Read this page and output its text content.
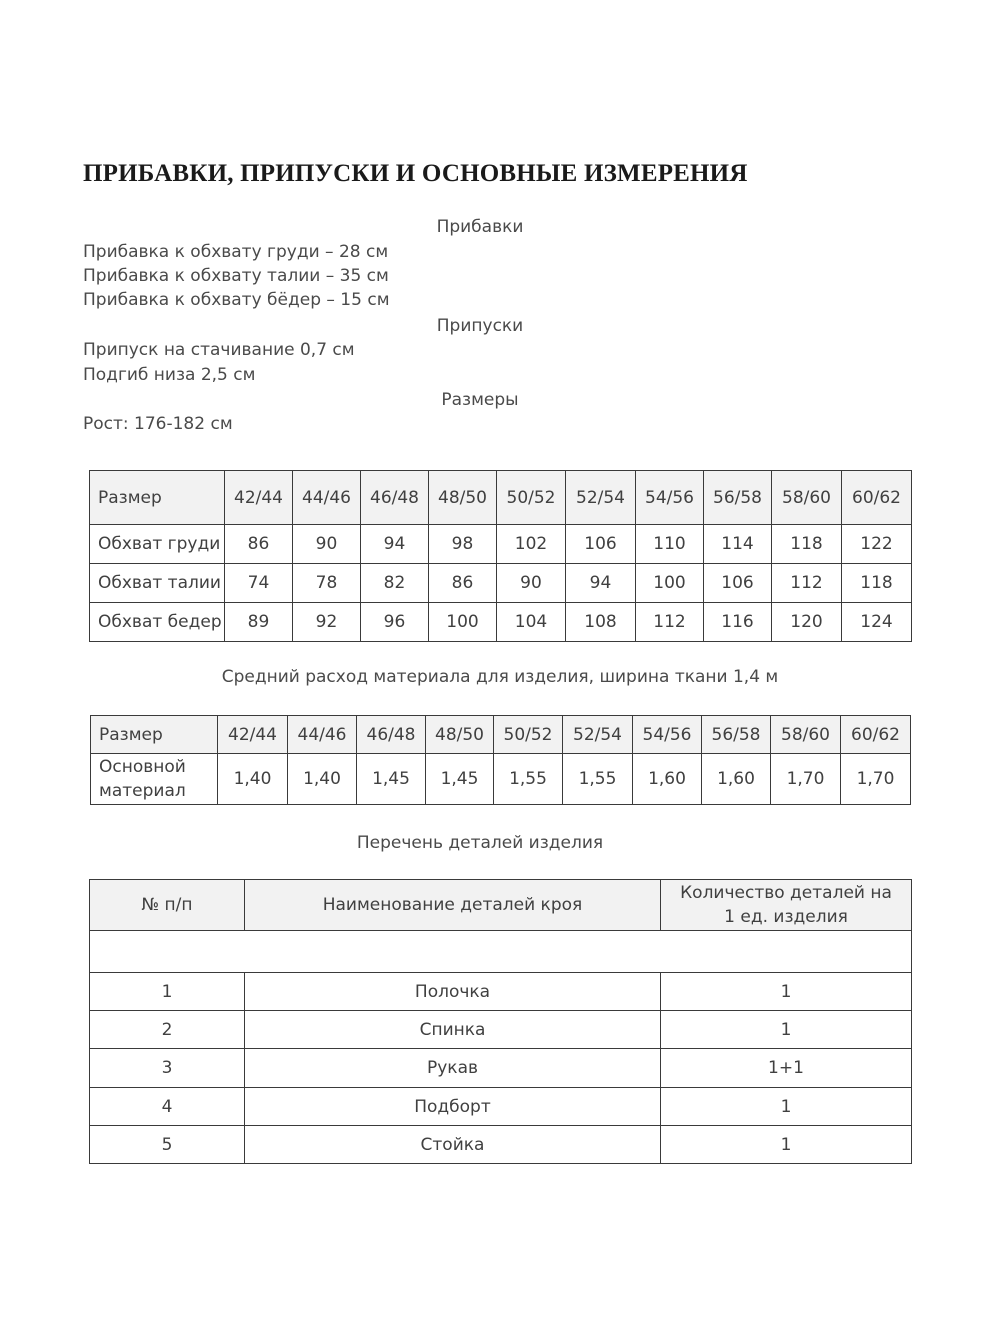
ПРИБАВКИ, ПРИПУСКИ И ОСНОВНЫЕ ИЗМЕРЕНИЯ
Прибавки
Прибавка к обхвату груди – 28 см
Прибавка к обхвату талии – 35 см
Прибавка к обхвату бёдер – 15 см
Припуски
Припуск на стачивание 0,7 см
Подгиб низа 2,5 см
Размеры
Рост: 176-182 см
Размер	42/44	44/46	46/48	48/50	50/52	52/54	54/56	56/58	58/60	60/62
Обхват груди	86	90	94	98	102	106	110	114	118	122
Обхват талии	74	78	82	86	90	94	100	106	112	118
Обхват бедер	89	92	96	100	104	108	112	116	120	124
Средний расход материала для изделия, ширина ткани 1,4 м
Размер	42/44	44/46	46/48	48/50	50/52	52/54	54/56	56/58	58/60	60/62

Основной
материал	1,40	1,40	1,45	1,45	1,55	1,55	1,60	1,60	1,70	1,70
Перечень деталей изделия
№ п/п	Наименование деталей кроя	Количество деталей на 1 ед. изделия

1	Полочка	1
2	Спинка	1
3	Рукав	1+1
4	Подборт	1
5	Стойка	1
